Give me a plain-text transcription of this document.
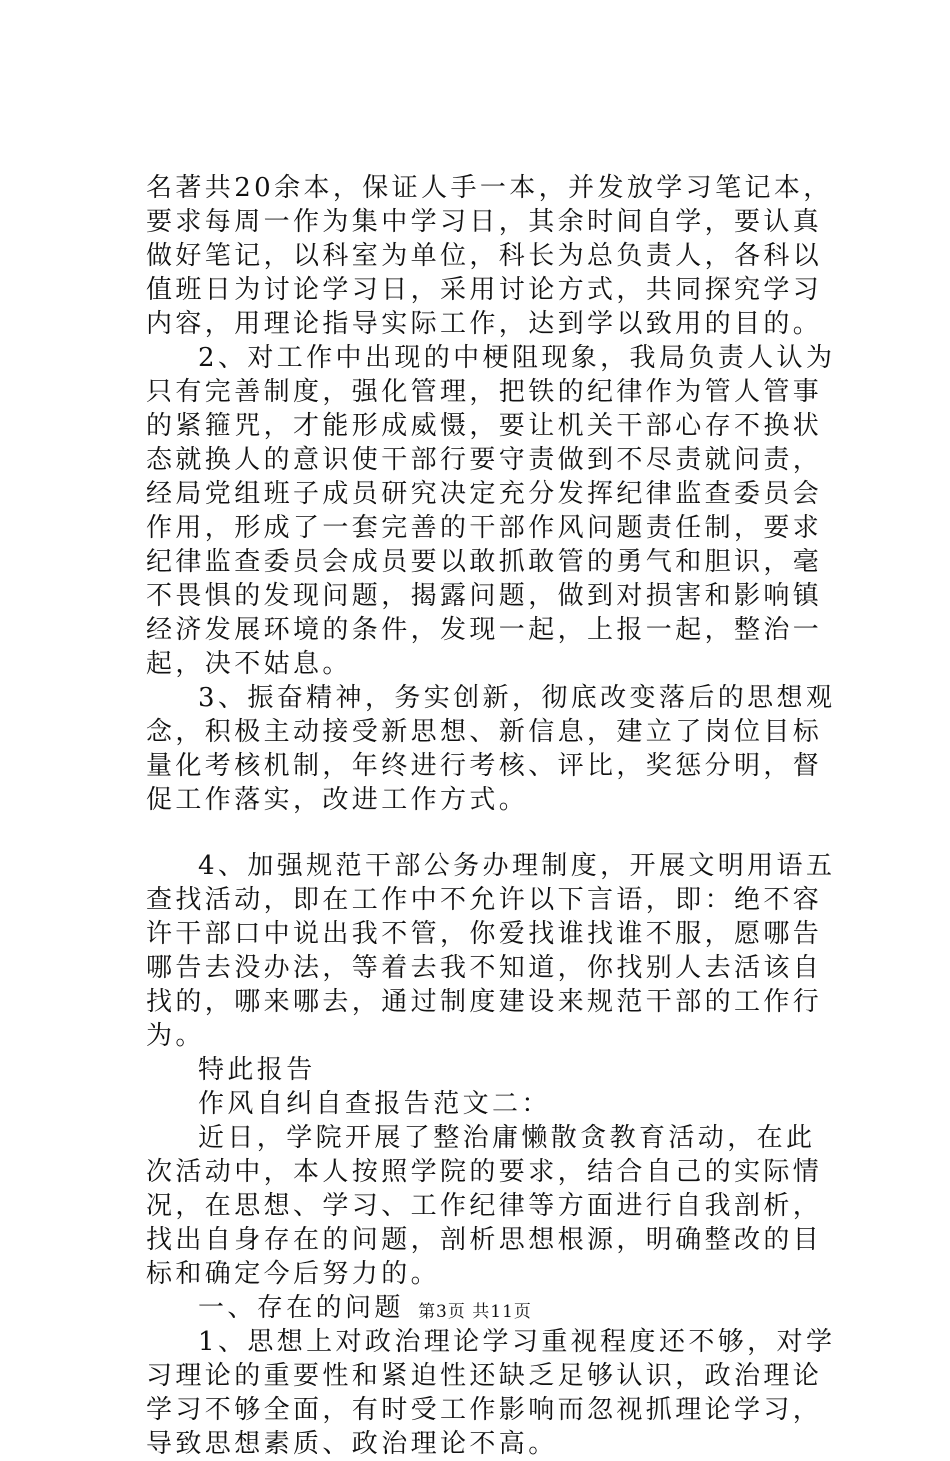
名著共20余本，保证人手一本，并发放学习笔记本，要求每周一作为集中学习日，其余时间自学，要认真做好笔记，以科室为单位，科长为总负责人，各科以值班日为讨论学习日，采用讨论方式，共同探究学习内容，用理论指导实际工作，达到学以致用的目的。

2、对工作中出现的中梗阻现象，我局负责人认为只有完善制度，强化管理，把铁的纪律作为管人管事的紧箍咒，才能形成威慑，要让机关干部心存不换状态就换人的意识使干部行要守责做到不尽责就问责，经局党组班子成员研究决定充分发挥纪律监查委员会作用，形成了一套完善的干部作风问题责任制，要求纪律监查委员会成员要以敢抓敢管的勇气和胆识，毫不畏惧的发现问题，揭露问题，做到对损害和影响镇经济发展环境的条件，发现一起，上报一起，整治一起，决不姑息。

3、振奋精神，务实创新，彻底改变落后的思想观念，积极主动接受新思想、新信息，建立了岗位目标量化考核机制，年终进行考核、评比，奖惩分明，督促工作落实，改进工作方式。

4、加强规范干部公务办理制度，开展文明用语五查找活动，即在工作中不允许以下言语，即：绝不容许干部口中说出我不管，你爱找谁找谁不服，愿哪告哪告去没办法，等着去我不知道，你找别人去活该自找的，哪来哪去，通过制度建设来规范干部的工作行为。

特此报告

作风自纠自查报告范文二：

近日，学院开展了整治庸懒散贪教育活动，在此次活动中，本人按照学院的要求，结合自己的实际情况，在思想、学习、工作纪律等方面进行自我剖析，找出自身存在的问题，剖析思想根源，明确整改的目标和确定今后努力的。

一、存在的问题

1、思想上对政治理论学习重视程度还不够，对学习理论的重要性和紧迫性还缺乏足够认识，政治理论学习不够全面，有时受工作影响而忽视抓理论学习，导致思想素质、政治理论不高。

第3页 共11页
